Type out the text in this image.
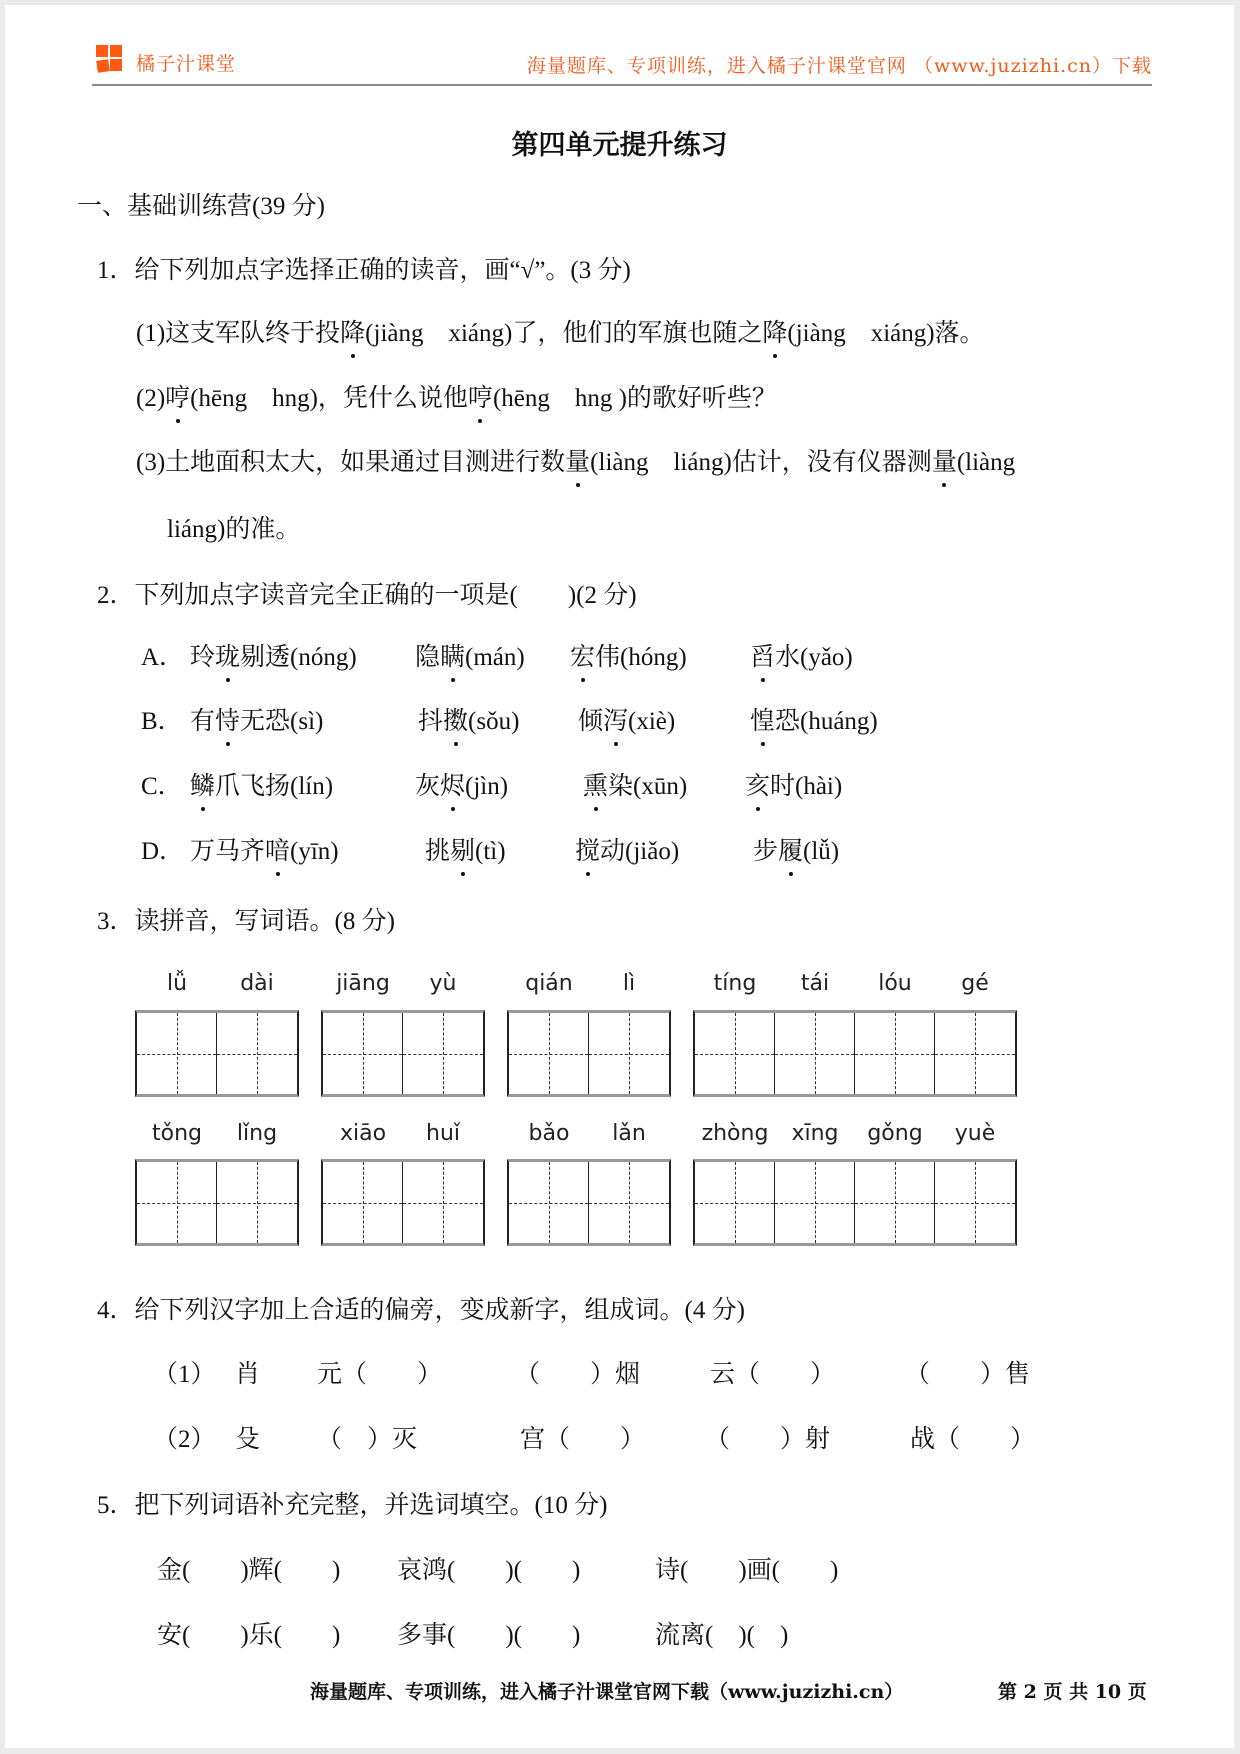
橘子汁课堂	海量题库、专项训练，进入橘子汁课堂官网 （www.juzizhi.cn）下载
第四单元提升练习
一、基础训练营(39 分)
1．给下列加点字选择正确的读音，画“√”。(3 分)
(1)这支军队终于投降(jiàng　xiáng)了，他们的军旗也随之降(jiàng　xiáng)落。
(2)哼(hēng　hng)，凭什么说他哼(hēng　hng )的歌好听些？
(3)土地面积太大，如果通过目测进行数量(liàng　liáng)估计，没有仪器测量(liàng
liáng)的准。
2．下列加点字读音完全正确的一项是(　　)(2 分)
A． 玲珑剔透(nóng) 隐瞒(mán) 宏伟(hóng)	舀水(yǎo)
B． 有恃无恐(sì)	抖擞(sǒu) 倾泻(xiè)	惶恐(huáng)
C． 鳞爪飞扬(lín)	灰烬(jìn)	熏染(xūn) 亥时(hài)
D． 万马齐喑(yīn)	挑剔(tì)	搅动(jiǎo)	步履(lǚ)
3．读拼音，写词语。(8 分)
lǚ	dài	jiāng	yù	qián	lì	tíng	tái	lóu	gé
tǒng	lǐng	xiāo	huǐ	bǎo	lǎn	zhòng	xīng	gǒng	yuè
4．给下列汉字加上合适的偏旁，变成新字，组成词。(4 分)
（1） 肖 元（　　）	（　　）烟	云（　　）	（　　）售
（2） 殳 （　）灭	宫（　　） （　　）射	战（　　）
5．把下列词语补充完整，并选词填空。(10 分)
金(　　)辉(　　) 哀鸿(　　)(　　)	诗(　　)画(　　)
安(　　)乐(　　) 多事(　　)(　　)	流离(　)(　)
海量题库、专项训练，进入橘子汁课堂官网下载（www.juzizhi.cn）	第 2 页 共 10 页
